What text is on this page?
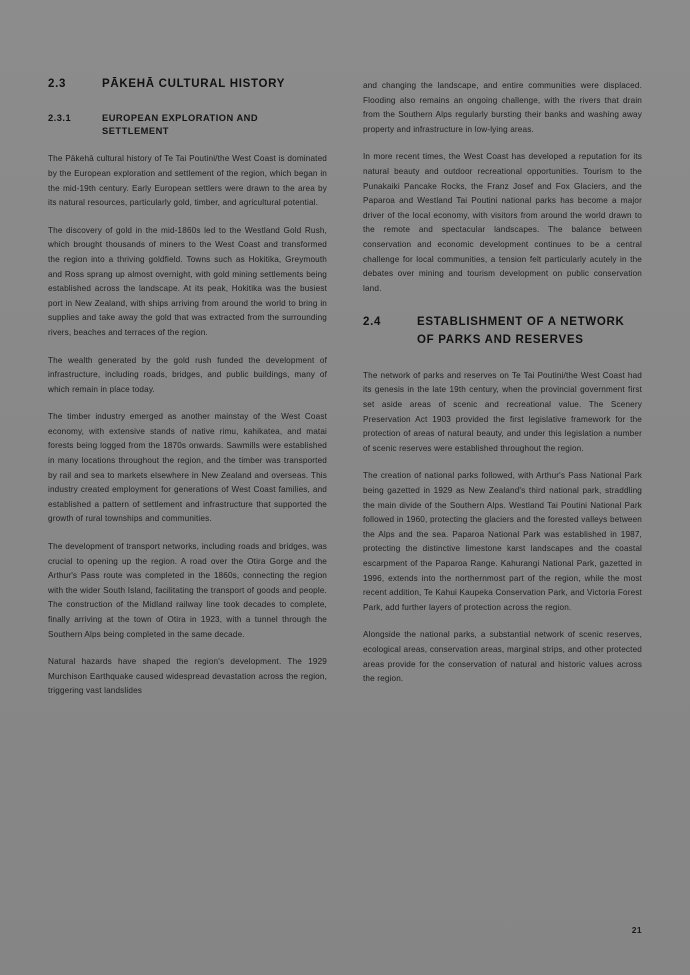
2.3	PĀKEHĀ CULTURAL HISTORY
2.3.1	EUROPEAN EXPLORATION AND SETTLEMENT

The Pākehā cultural history of Te Tai Poutini/the West Coast is dominated by the European exploration and settlement of the region, which began in the mid-19th century. Early European settlers were drawn to the area by its natural resources, particularly gold, timber, and agricultural potential.

The discovery of gold in the mid-1860s led to the Westland Gold Rush, which brought thousands of miners to the West Coast and transformed the region into a thriving goldfield. Towns such as Hokitika, Greymouth and Ross sprang up almost overnight, with gold mining settlements being established across the landscape. At its peak, Hokitika was the busiest port in New Zealand, with ships arriving from around the world to bring in supplies and take away the gold that was extracted from the surrounding rivers, beaches and terraces of the region.

The wealth generated by the gold rush funded the development of infrastructure, including roads, bridges, and public buildings, many of which remain in place today.

The timber industry emerged as another mainstay of the West Coast economy, with extensive stands of native rimu, kahikatea, and matai forests being logged from the 1870s onwards. Sawmills were established in many locations throughout the region, and the timber was transported by rail and sea to markets elsewhere in New Zealand and overseas. This industry created employment for generations of West Coast families, and established a pattern of settlement and infrastructure that supported the growth of rural townships and communities.

The development of transport networks, including roads and bridges, was crucial to opening up the region. A road over the Otira Gorge and the Arthur's Pass route was completed in the 1860s, connecting the region with the wider South Island, facilitating the transport of goods and people. The construction of the Midland railway line took decades to complete, finally arriving at the town of Otira in 1923, with a tunnel through the Southern Alps being completed in the same decade.

Natural hazards have shaped the region's development. The 1929 Murchison Earthquake caused widespread devastation across the region, triggering vast landslides

and changing the landscape, and entire communities were displaced. Flooding also remains an ongoing challenge, with the rivers that drain from the Southern Alps regularly bursting their banks and washing away property and infrastructure in low-lying areas.

In more recent times, the West Coast has developed a reputation for its natural beauty and outdoor recreational opportunities. Tourism to the Punakaiki Pancake Rocks, the Franz Josef and Fox Glaciers, and the Paparoa and Westland Tai Poutini national parks has become a major driver of the local economy, with visitors from around the world drawn to the remote and spectacular landscapes. The balance between conservation and economic development continues to be a central challenge for local communities, a tension felt particularly acutely in the debates over mining and tourism development on public conservation land.

2.4	ESTABLISHMENT OF A NETWORK OF PARKS AND RESERVES

The network of parks and reserves on Te Tai Poutini/the West Coast had its genesis in the late 19th century, when the provincial government first set aside areas of scenic and recreational value. The Scenery Preservation Act 1903 provided the first legislative framework for the protection of areas of natural beauty, and under this legislation a number of scenic reserves were established throughout the region.

The creation of national parks followed, with Arthur's Pass National Park being gazetted in 1929 as New Zealand's third national park, straddling the main divide of the Southern Alps. Westland Tai Poutini National Park followed in 1960, protecting the glaciers and the forested valleys between the Alps and the sea. Paparoa National Park was established in 1987, protecting the distinctive limestone karst landscapes and the coastal escarpment of the Paparoa Range. Kahurangi National Park, gazetted in 1996, extends into the northernmost part of the region, while the most recent addition, Te Kahui Kaupeka Conservation Park, and Victoria Forest Park, add further layers of protection across the region.

Alongside the national parks, a substantial network of scenic reserves, ecological areas, conservation areas, marginal strips, and other protected areas provide for the conservation of natural and historic values across the region.

21
